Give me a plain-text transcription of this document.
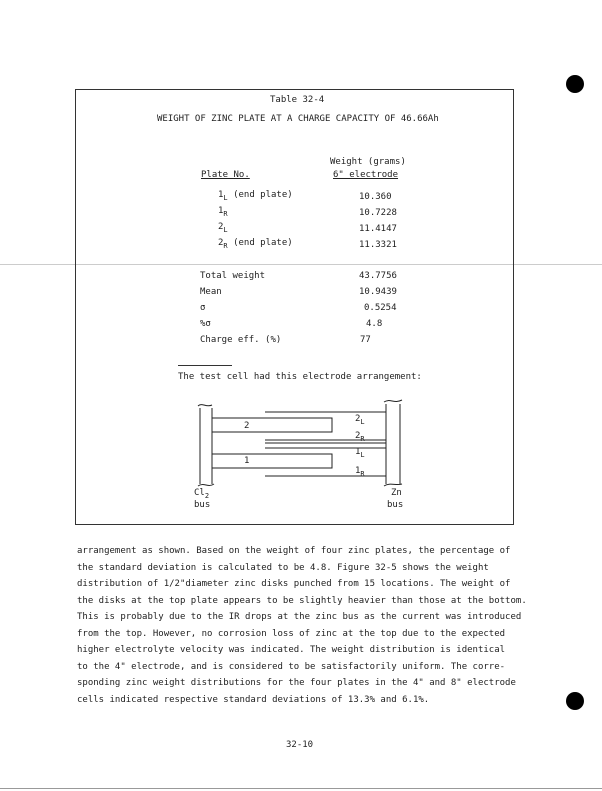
Table 32-4
WEIGHT OF ZINC PLATE AT A CHARGE CAPACITY OF 46.66Ah
Weight (grams)
Plate No.	6" electrode
$1_L$ (end plate)	10.360
$1_R$	10.7228
$2_L$	11.4147
$2_R$ (end plate)	11.3321
Total weight	43.7756
Mean	10.9439
σ	0.5254
%σ	4.8
Charge eff. (%)	77
The test cell had this electrode arrangement:
2
1
$2_L$
$2_R$
$1_L$
$1_R$
$Cl_2$
bus
Zn
bus
arrangement as shown. Based on the weight of four zinc plates, the percentage of
the standard deviation is calculated to be 4.8. Figure 32-5 shows the weight
distribution of 1/2"diameter zinc disks punched from 15 locations. The weight of
the disks at the top plate appears to be slightly heavier than those at the bottom.
This is probably due to the IR drops at the zinc bus as the current was introduced
from the top. However, no corrosion loss of zinc at the top due to the expected
higher electrolyte velocity was indicated. The weight distribution is identical
to the 4" electrode, and is considered to be satisfactorily uniform. The corre-
sponding zinc weight distributions for the four plates in the 4" and 8" electrode
cells indicated respective standard deviations of 13.3% and 6.1%.
32-10
